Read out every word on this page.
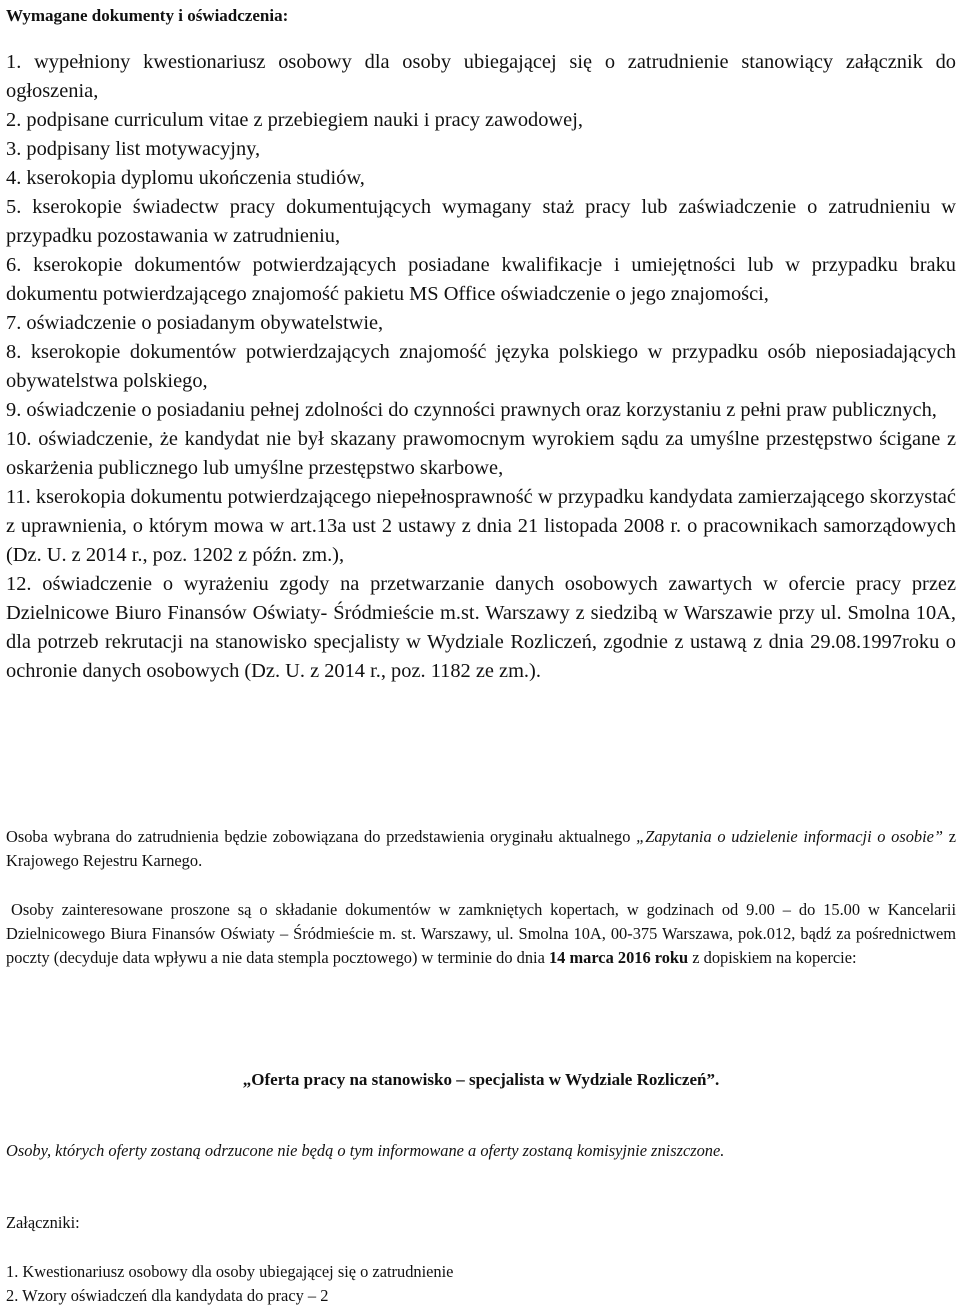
Wymagane dokumenty i oświadczenia:

1. wypełniony kwestionariusz osobowy dla osoby ubiegającej się o zatrudnienie stanowiący załącznik do ogłoszenia,
2. podpisane curriculum vitae z przebiegiem nauki i pracy zawodowej,
3. podpisany list motywacyjny,
4. kserokopia dyplomu ukończenia studiów,
5. kserokopie świadectw pracy dokumentujących wymagany staż pracy lub zaświadczenie o zatrudnieniu w przypadku pozostawania w zatrudnieniu,
6. kserokopie dokumentów potwierdzających posiadane kwalifikacje i umiejętności lub w przypadku braku dokumentu potwierdzającego znajomość pakietu MS Office oświadczenie o jego znajomości,
7. oświadczenie o posiadanym obywatelstwie,
8. kserokopie dokumentów potwierdzających znajomość języka polskiego w przypadku osób nieposiadających obywatelstwa polskiego,
9. oświadczenie o posiadaniu pełnej zdolności do czynności prawnych oraz korzystaniu z pełni praw publicznych,
10. oświadczenie, że kandydat nie był skazany prawomocnym wyrokiem sądu za umyślne przestępstwo ścigane z oskarżenia publicznego lub umyślne przestępstwo skarbowe,
11. kserokopia dokumentu potwierdzającego niepełnosprawność w przypadku kandydata zamierzającego skorzystać z uprawnienia, o którym mowa w art.13a ust 2 ustawy z dnia 21 listopada 2008 r. o pracownikach samorządowych (Dz. U. z 2014 r., poz. 1202 z późn. zm.),
12. oświadczenie o wyrażeniu zgody na przetwarzanie danych osobowych zawartych w ofercie pracy przez Dzielnicowe Biuro Finansów Oświaty- Śródmieście m.st. Warszawy z siedzibą w Warszawie przy ul. Smolna 10A, dla potrzeb rekrutacji na stanowisko specjalisty w Wydziale Rozliczeń, zgodnie z ustawą z dnia 29.08.1997roku o ochronie danych osobowych (Dz. U. z 2014 r., poz. 1182 ze zm.).

Osoba wybrana do zatrudnienia będzie zobowiązana do przedstawienia oryginału aktualnego „Zapytania o udzielenie informacji o osobie” z Krajowego Rejestru Karnego.

Osoby zainteresowane proszone są o składanie dokumentów w zamkniętych kopertach, w godzinach od 9.00 – do 15.00 w Kancelarii Dzielnicowego Biura Finansów Oświaty – Śródmieście m. st. Warszawy, ul. Smolna 10A, 00-375 Warszawa, pok.012, bądź za pośrednictwem poczty (decyduje data wpływu a nie data stempla pocztowego) w terminie do dnia 14 marca 2016 roku z dopiskiem na kopercie:

„Oferta pracy na stanowisko – specjalista w Wydziale Rozliczeń”.

Osoby, których oferty zostaną odrzucone nie będą o tym informowane a oferty zostaną komisyjnie zniszczone.

Załączniki:

1. Kwestionariusz osobowy dla osoby ubiegającej się o zatrudnienie
2. Wzory oświadczeń dla kandydata do pracy – 2
